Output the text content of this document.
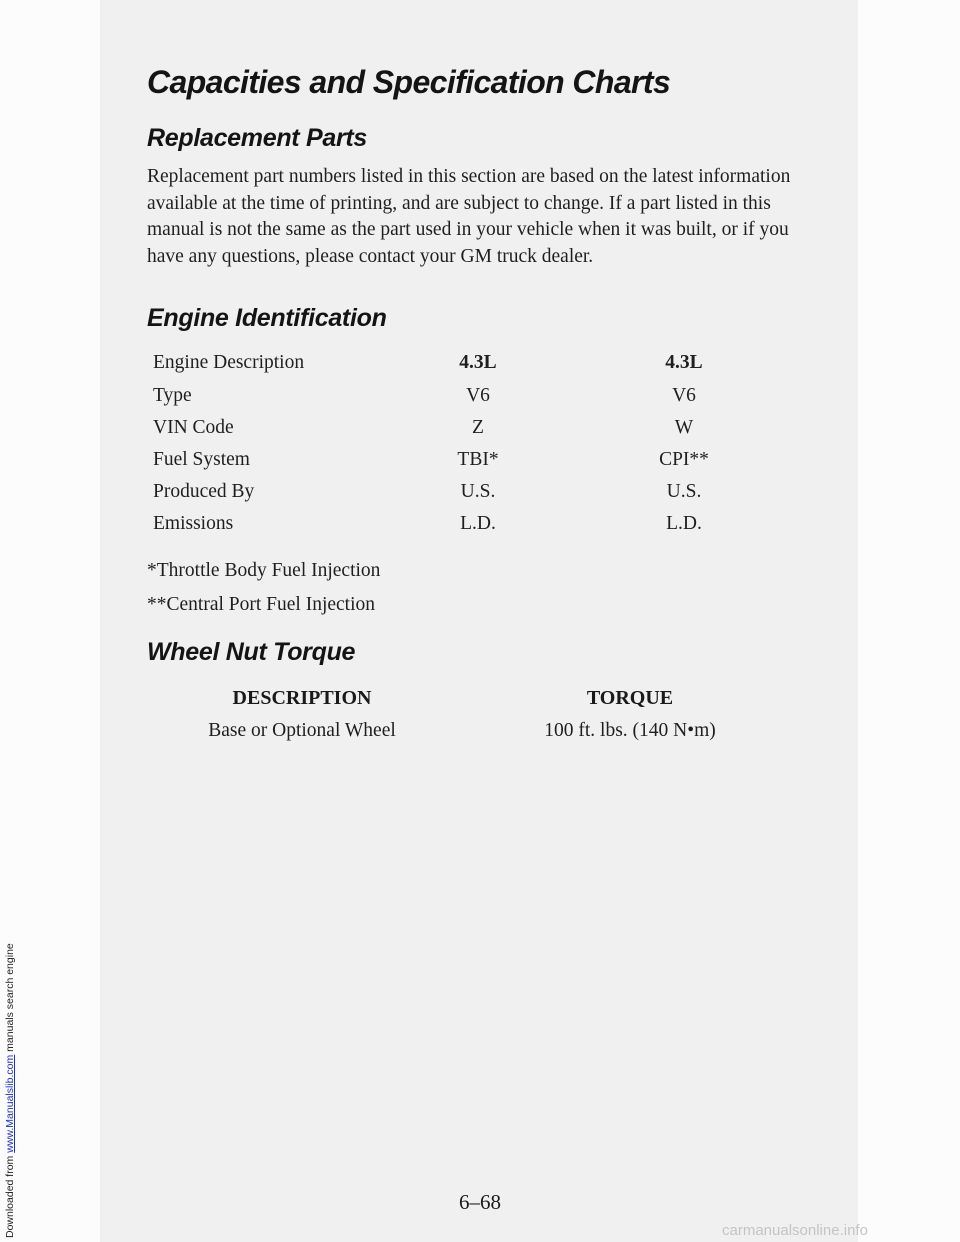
Downloaded from www.Manualslib.com manuals search engine
Capacities and Specification Charts
Replacement Parts
Replacement part numbers listed in this section are based on the latest information available at the time of printing, and are subject to change. If a part listed in this manual is not the same as the part used in your vehicle when it was built, or if you have any questions, please contact your GM truck dealer.
Engine Identification
Engine Description	4.3L	4.3L
Type	V6	V6
VIN Code	Z	W
Fuel System	TBI*	CPI**
Produced By	U.S.	U.S.
Emissions	L.D.	L.D.
*Throttle Body Fuel Injection
**Central Port Fuel Injection
Wheel Nut Torque
DESCRIPTION	TORQUE
Base or Optional Wheel	100 ft. lbs. (140 N•m)
6–68
carmanualsonline.info
